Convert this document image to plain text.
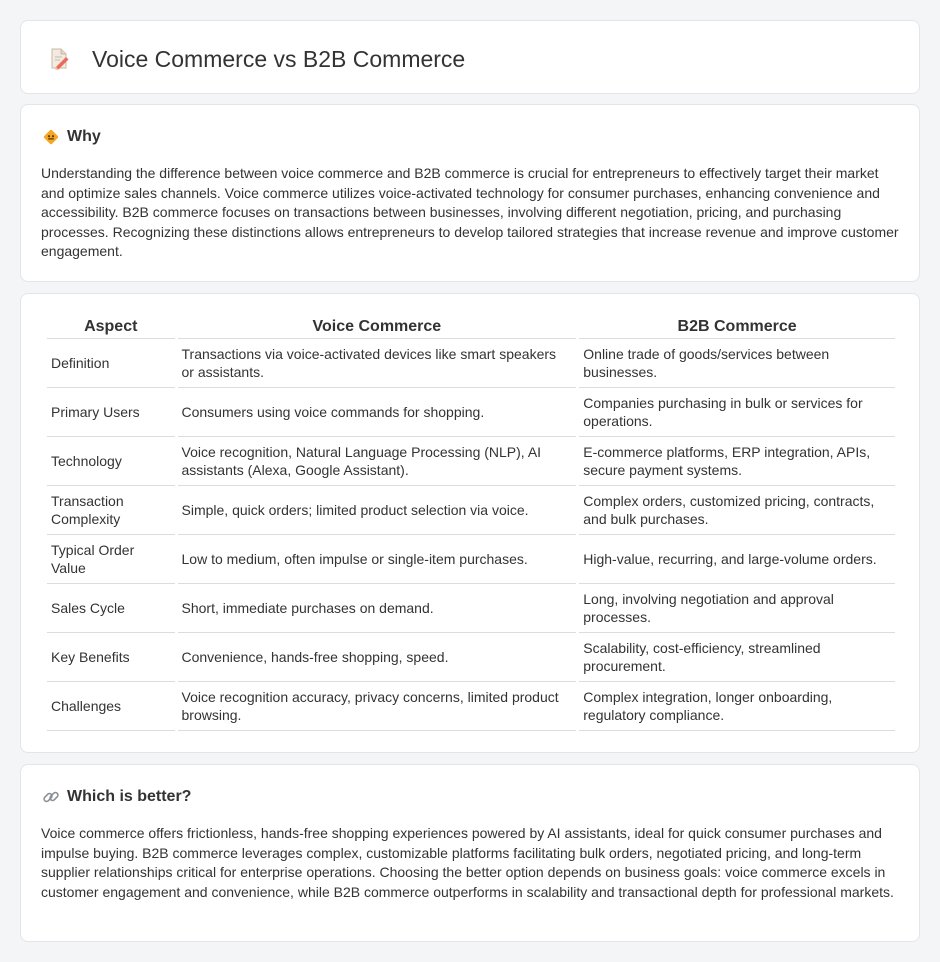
Voice Commerce vs B2B Commerce
Why

Understanding the difference between voice commerce and B2B commerce is crucial for entrepreneurs to effectively target their market and optimize sales channels. Voice commerce utilizes voice-activated technology for consumer purchases, enhancing convenience and accessibility. B2B commerce focuses on transactions between businesses, involving different negotiation, pricing, and purchasing processes. Recognizing these distinctions allows entrepreneurs to develop tailored strategies that increase revenue and improve customer engagement.

Aspect	Voice Commerce	B2B Commerce
Definition	Transactions via voice-activated devices like smart speakers or assistants.	Online trade of goods/services between businesses.
Primary Users	Consumers using voice commands for shopping.	Companies purchasing in bulk or services for operations.
Technology	Voice recognition, Natural Language Processing (NLP), AI assistants (Alexa, Google Assistant).	E-commerce platforms, ERP integration, APIs, secure payment systems.
Transaction Complexity	Simple, quick orders; limited product selection via voice.	Complex orders, customized pricing, contracts, and bulk purchases.
Typical Order Value	Low to medium, often impulse or single-item purchases.	High-value, recurring, and large-volume orders.
Sales Cycle	Short, immediate purchases on demand.	Long, involving negotiation and approval processes.
Key Benefits	Convenience, hands-free shopping, speed.	Scalability, cost-efficiency, streamlined procurement.
Challenges	Voice recognition accuracy, privacy concerns, limited product browsing.	Complex integration, longer onboarding, regulatory compliance.
Which is better?

Voice commerce offers frictionless, hands-free shopping experiences powered by AI assistants, ideal for quick consumer purchases and impulse buying. B2B commerce leverages complex, customizable platforms facilitating bulk orders, negotiated pricing, and long-term supplier relationships critical for enterprise operations. Choosing the better option depends on business goals: voice commerce excels in customer engagement and convenience, while B2B commerce outperforms in scalability and transactional depth for professional markets.
